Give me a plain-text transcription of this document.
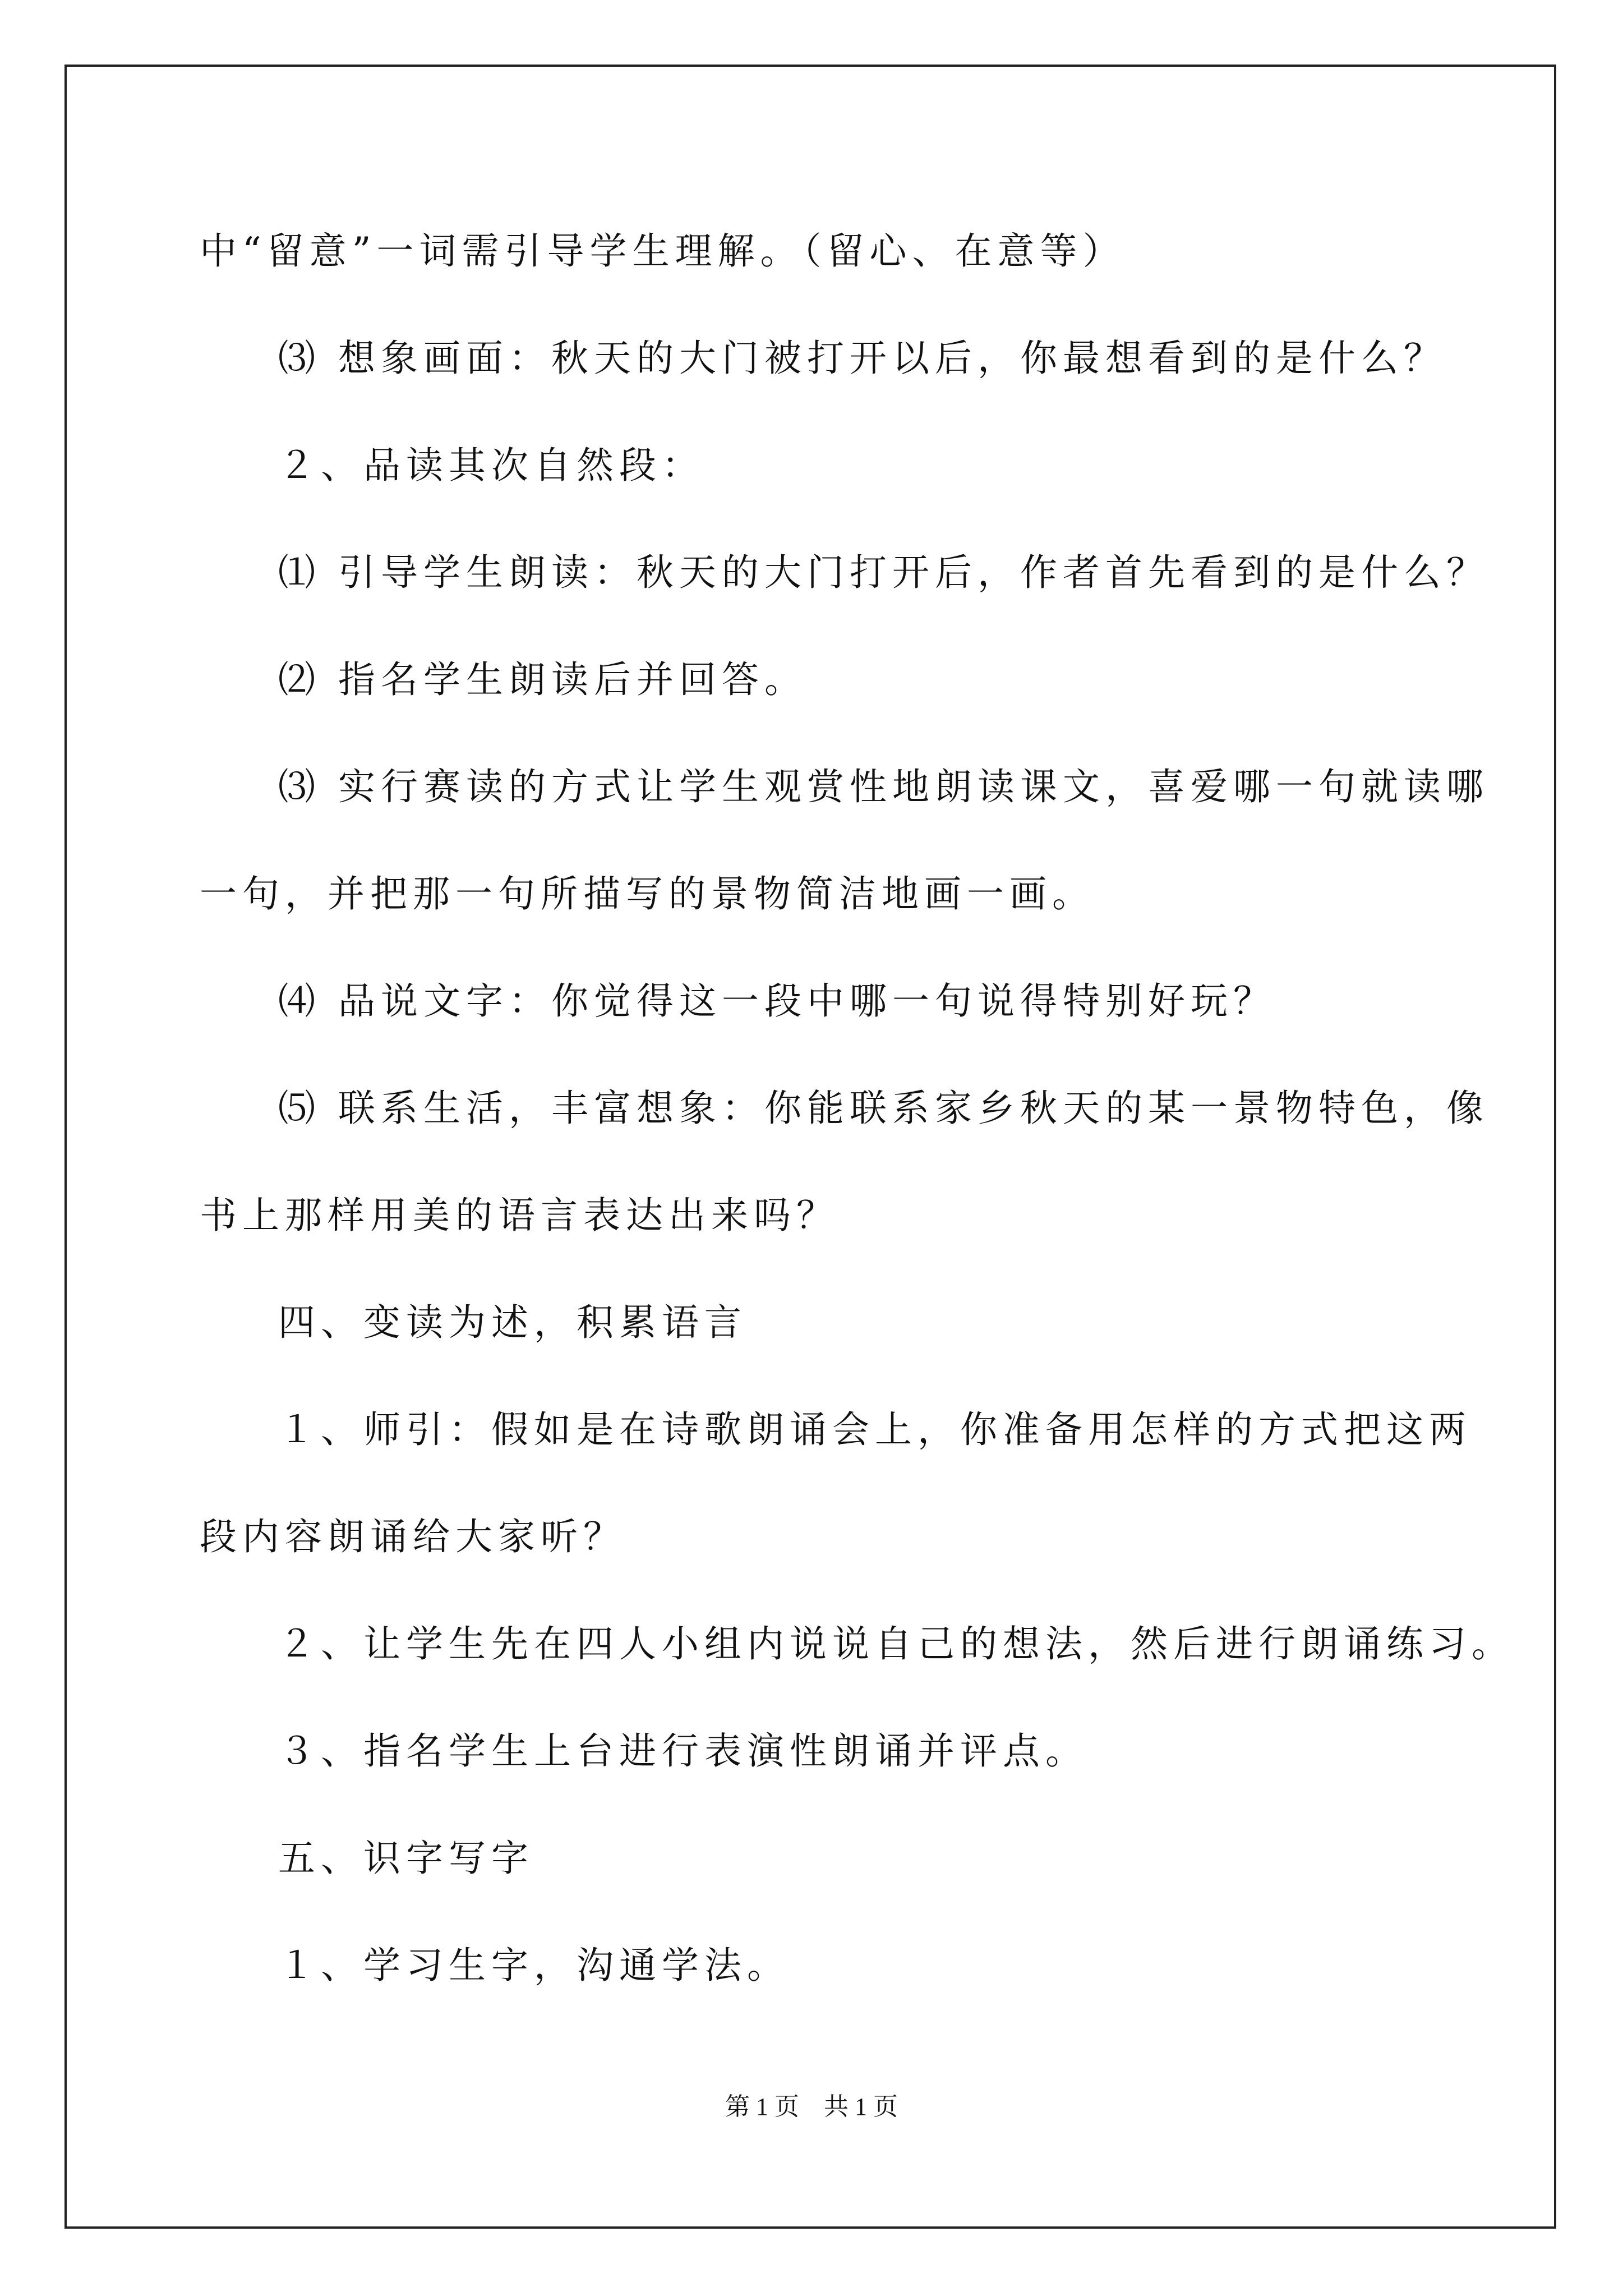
中“留意”一词需引导学生理解。（留心、在意等）
⑶ 想象画面：秋天的大门被打开以后，你最想看到的是什么？
２、品读其次自然段：
⑴ 引导学生朗读：秋天的大门打开后，作者首先看到的是什么？
⑵ 指名学生朗读后并回答。
⑶ 实行赛读的方式让学生观赏性地朗读课文，喜爱哪一句就读哪
一句，并把那一句所描写的景物简洁地画一画。
⑷ 品说文字：你觉得这一段中哪一句说得特别好玩？
⑸ 联系生活，丰富想象：你能联系家乡秋天的某一景物特色，像
书上那样用美的语言表达出来吗？
四、变读为述，积累语言
１、师引：假如是在诗歌朗诵会上，你准备用怎样的方式把这两
段内容朗诵给大家听？
２、让学生先在四人小组内说说自己的想法，然后进行朗诵练习。
３、指名学生上台进行表演性朗诵并评点。
五、识字写字
１、学习生字，沟通学法。
第 1 页 共 1 页
